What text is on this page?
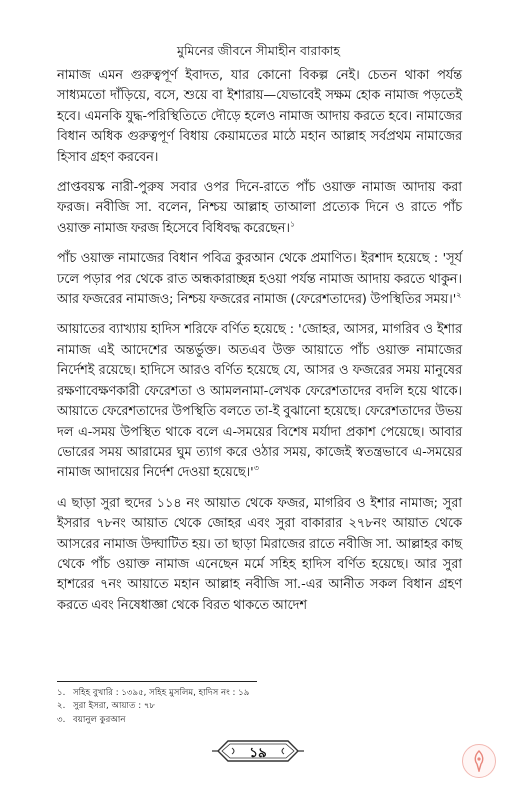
মুমিনের জীবনে সীমাহীন বারাকাহ

নামাজ এমন গুরুত্বপূর্ণ ইবাদত, যার কোনো বিকল্প নেই। চেতন থাকা পর্যন্ত সাধ্যমতো দাঁড়িয়ে, বসে, শুয়ে বা ইশারায়—যেভাবেই সক্ষম হোক নামাজ পড়তেই হবে। এমনকি যুদ্ধ-পরিস্থিতিতে দৌড়ে হলেও নামাজ আদায় করতে হবে। নামাজের বিধান অধিক গুরুত্বপূর্ণ বিধায় কেয়ামতের মাঠে মহান আল্লাহ সর্বপ্রথম নামাজের হিসাব গ্রহণ করবেন।

প্রাপ্তবয়স্ক নারী-পুরুষ সবার ওপর দিনে-রাতে পাঁচ ওয়াক্ত নামাজ আদায় করা ফরজ। নবীজি সা. বলেন, নিশ্চয় আল্লাহ তাআলা প্রত্যেক দিনে ও রাতে পাঁচ ওয়াক্ত নামাজ ফরজ হিসেবে বিধিবদ্ধ করেছেন।$^১$

পাঁচ ওয়াক্ত নামাজের বিধান পবিত্র কুরআন থেকে প্রমাণিত। ইরশাদ হয়েছে : 'সূর্য ঢলে পড়ার পর থেকে রাত অন্ধকারাচ্ছন্ন হওয়া পর্যন্ত নামাজ আদায় করতে থাকুন। আর ফজরের নামাজও; নিশ্চয় ফজরের নামাজ (ফেরেশতাদের) উপস্থিতির $সময়।'^২$

আয়াতের ব্যাখ্যায় হাদিস শরিফে বর্ণিত হয়েছে : 'জোহর, আসর, মাগরিব ও ইশার নামাজ এই আদেশের অন্তর্ভুক্ত। অতএব উক্ত আয়াতে পাঁচ ওয়াক্ত নামাজের নির্দেশই রয়েছে। হাদিসে আরও বর্ণিত হয়েছে যে, আসর ও ফজরের সময় মানুষের রক্ষণাবেক্ষণকারী ফেরেশতা ও আমলনামা-লেখক ফেরেশতাদের বদলি হয়ে থাকে। আয়াতে ফেরেশতাদের উপস্থিতি বলতে তা-ই বুঝানো হয়েছে। ফেরেশতাদের উভয় দল এ-সময় উপস্থিত থাকে বলে এ-সময়ের বিশেষ মর্যাদা প্রকাশ পেয়েছে। আবার ভোরের সময় আরামের ঘুম ত্যাগ করে ওঠার সময়, কাজেই স্বতন্ত্রভাবে এ-সময়ের নামাজ আদায়ের নির্দেশ দেওয়া $হয়েছে।'^৩$

এ ছাড়া সুরা হুদের ১১৪ নং আয়াত থেকে ফজর, মাগরিব ও ইশার নামাজ; সুরা ইসরার ৭৮নং আয়াত থেকে জোহর এবং সুরা বাকারার ২৭৮নং আয়াত থেকে আসরের নামাজ উদ্ঘাটিত হয়। তা ছাড়া মিরাজের রাতে নবীজি সা. আল্লাহর কাছ থেকে পাঁচ ওয়াক্ত নামাজ এনেছেন মর্মে সহিহ হাদিস বর্ণিত হয়েছে। আর সুরা হাশরের ৭নং আয়াতে মহান আল্লাহ নবীজি সা.-এর আনীত সকল বিধান গ্রহণ করতে এবং নিষেধাজ্ঞা থেকে বিরত থাকতে আদেশ

১. সহিহ বুখারি : ১৩৯৫, সহিহ মুসলিম, হাদিস নং : ১৯
২. সুরা ইসরা, আয়াত : ৭৮
৩. বয়ানুল কুরআন
১৯
